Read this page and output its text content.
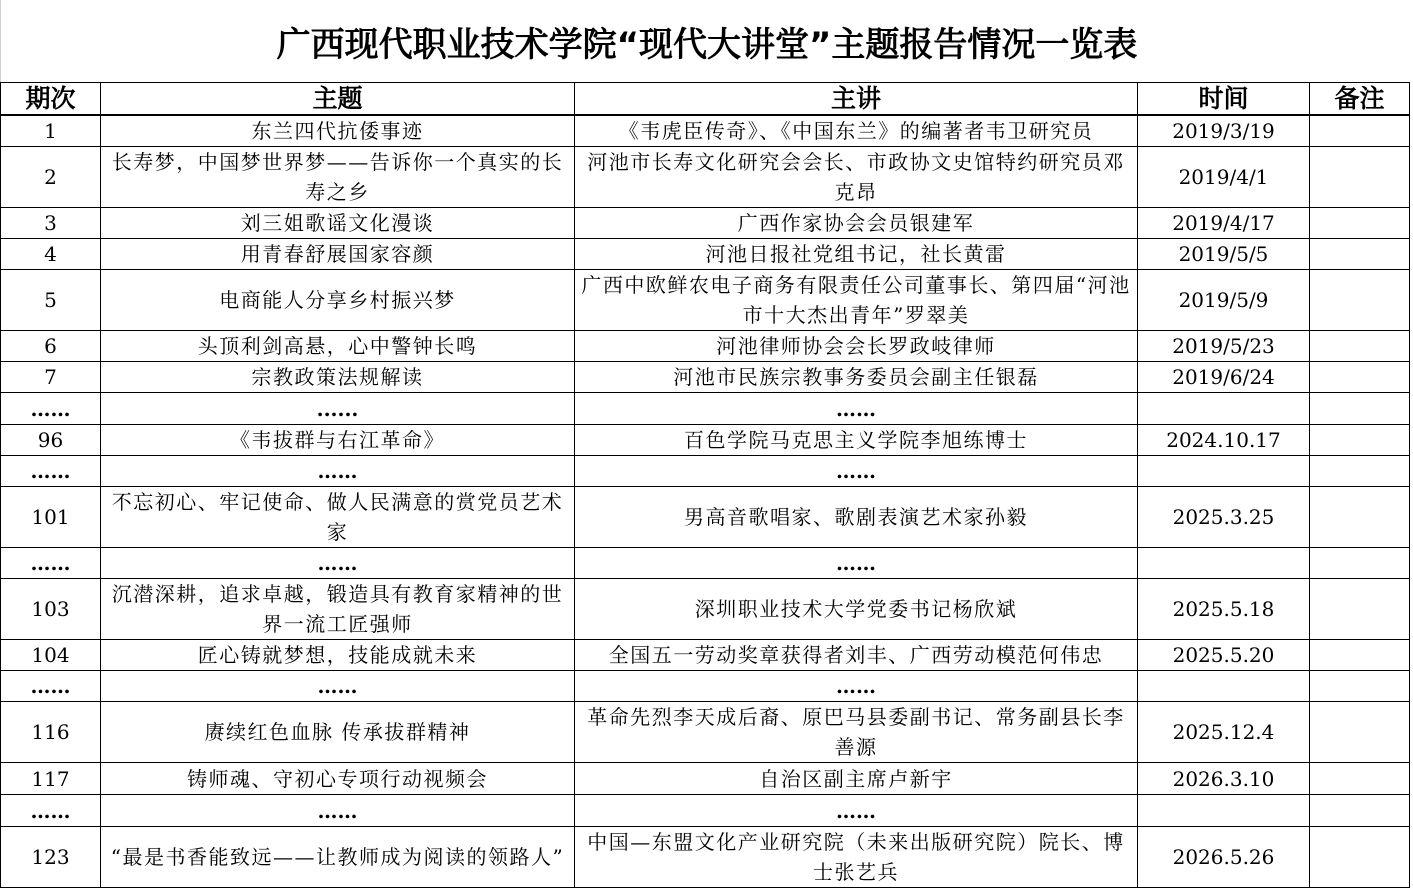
广西现代职业技术学院“现代大讲堂”主题报告情况一览表
期次	主题	主讲	时间	备注
1	东兰四代抗倭事迹	《韦虎臣传奇》、《中国东兰》的编著者韦卫研究员	2019/3/19	
2	长寿梦，中国梦世界梦——告诉你一个真实的长寿之乡	河池市长寿文化研究会会长、市政协文史馆特约研究员邓克昂	2019/4/1	
3	刘三姐歌谣文化漫谈	广西作家协会会员银建军	2019/4/17	
4	用青春舒展国家容颜	河池日报社党组书记，社长黄雷	2019/5/5	
5	电商能人分享乡村振兴梦	广西中欧鲜农电子商务有限责任公司董事长、第四届“河池市十大杰出青年”罗翠美	2019/5/9	
6	头顶利剑高悬，心中警钟长鸣	河池律师协会会长罗政岐律师	2019/5/23	
7	宗教政策法规解读	河池市民族宗教事务委员会副主任银磊	2019/6/24	
……	......	……		
96	《韦拔群与右江革命》	百色学院马克思主义学院李旭练博士	2024.10.17	
……	……	……		
101	不忘初心、牢记使命、做人民满意的赏党员艺术家	男高音歌唱家、歌剧表演艺术家孙毅	2025.3.25	
……	……	……		
103	沉潜深耕，追求卓越，锻造具有教育家精神的世界一流工匠强师	深圳职业技术大学党委书记杨欣斌	2025.5.18	
104	匠心铸就梦想，技能成就未来	全国五一劳动奖章获得者刘丰、广西劳动模范何伟忠	2025.5.20	
……	……	……		
116	赓续红色血脉 传承拔群精神	革命先烈李天成后裔、原巴马县委副书记、常务副县长李善源	2025.12.4	
117	铸师魂、守初心专项行动视频会	自治区副主席卢新宇	2026.3.10	
……	……	……		
123	“最是书香能致远——让教师成为阅读的领路人”	中国—东盟文化产业研究院（未来出版研究院）院长、博士张艺兵	2026.5.26	
